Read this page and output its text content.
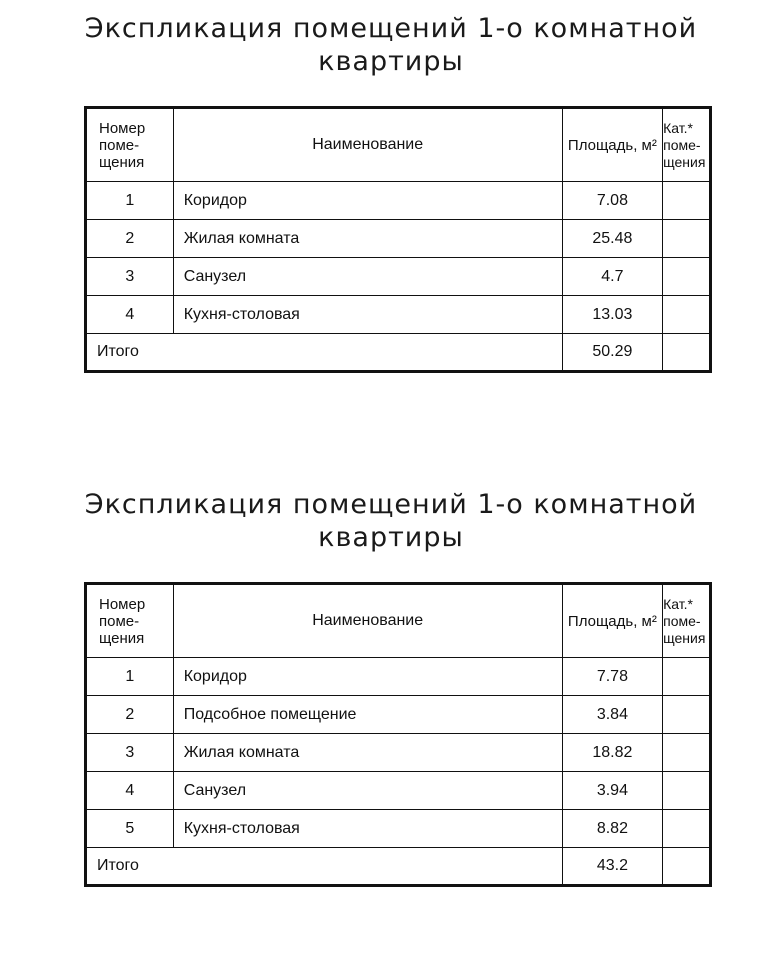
Экспликация помещений 1-о комнатной
квартиры
Номер
поме-
щения	Наименование	Площадь, м²	Кат.*
поме-
щения

1	Коридор	7.08	
2	Жилая комната	25.48	
3	Санузел	4.7	
4	Кухня-столовая	13.03	
Итого		50.29	
Экспликация помещений 1-о комнатной
квартиры
Номер
поме-
щения	Наименование	Площадь, м²	Кат.*
поме-
щения

1	Коридор	7.78	
2	Подсобное помещение	3.84	
3	Жилая комната	18.82	
4	Санузел	3.94	
5	Кухня-столовая	8.82	
Итого		43.2	
